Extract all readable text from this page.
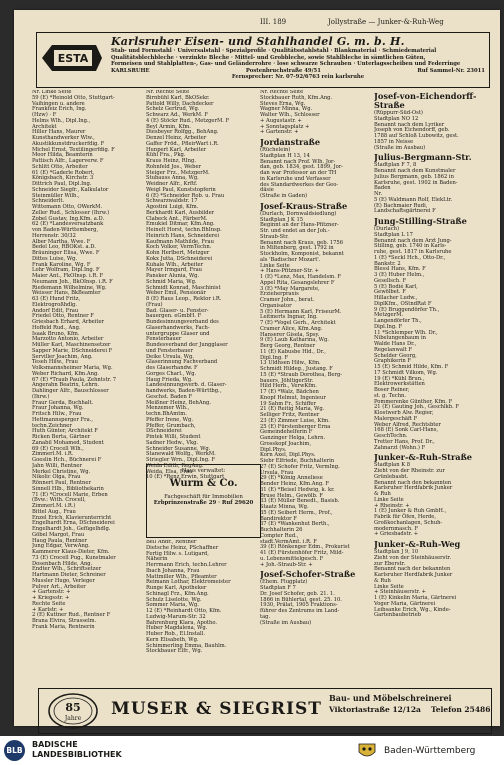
III. 189	Jollystraße — Junker-&-Ruh-Weg
ESTA
Karlsruher Eisen- und Stahlhandel G. m. b. H.
Stab- und Formstahl · Universalstahl · Spezialprofile · Qualitätsstahlstahl · Blankmaterial · Schmiedematerial
Qualitätsblechbleche · verzinkte Bleche · Mittel- und Grobbleche, sowie Stahlbleche in sämtlichen Güten,
Formeisen und Stahlplatten-, Gas- und Geländerrohre · lose schwarze Schrauben · Unterlagsscheiben und Federringe
KARLSRUHE	Postenbruchstraße 49/51	Ruf Sammel-Nr. 23011
Fernsprecher: Nr. 07-92/6763 rein karlsruhe
Nr. Linke Seite
59 (E) *Reinold Otto, Stuttgart-
Vaihingen u. andere
Frankfeiz Erich, Ing.
(Hzw) · F
Helms Wlh., Dipl.Ing.,
Architekt
Hiller Hans, Maurer
Kunsthandwerker Wlw.,
Akustikkunstdruckerfdig. F
Michel Ernst, Textilingerfdig. F
Moor Hilda, Beamterin
Pattisch Alfr., Lagerverw. F
Schlitt Otto, Arbeiter
61 (E) *Gaderle Robert,
Königsbach, Kirchstr. 3
Dittrich Paul, Dipl.Ing.
Schneider Siegfr., Kalkulator
Steinmüller Wilh.,
Schneiderlt.
Wittemann Otto, OWerkM.
Zeller Rud., Schlosser (Ihrw.)
Zobel Gustav, Ing.Kfm. a.D.
62 (E) *Landesversatzbank
von Baden-Württemberg,
Herrenstr. 30/32
Alber Martha, Wwe. F
Bedel Leo, RBOKst. a.D.
Bräuninger Elisa, Wwe. F
Dittes Luise, Wg.
Frank Karoline, Wg. F
Lohr Wolfram, Dipl.Ing. F
Maier Ant., FkOInsp. i.R. F
Neumann Joh., BkOInsp. i.R. F
Riedemann Wilhelmine, Wg.
Weisser Hans, BkBeamter
63 (E) Hund Fritz,
Elektrogroßhdlg.
Andorf Edit, Frau
Friedel Otto, Rentner F
Griesbach Erhard, Arbeiter
Hoffeld Rud., Ang.
Isaak Bruno, Kfm.
Marzotto Antonio, Arbeiter
Müller Karl, Maschinensetzer
Sapper Marie, DSchneiderei F
Serviller Joachim, Ang.
Teseh Hilw., Frau
Volksmannsheimer Maria, Wg.
Weber Richard, Kfm.Ang.
67 (E) *Traub Paula, Zehntstr. 7
Angerahn Beatrix, Lehrn.
Dahlinger Alfr., Bauschlosser
(Ihrw.)
Fraur Gerda, Buchhalt.
Fraur Johanna, Wg.
Fritsch Hilw., Frau
Hettmannsperger Fra.,
techn.Zeichner
Huth Günter, Architekt F
Ricken Berta, Gärtner
Zanabil Mohamed, Student
69 (E) Crocell Wlh.,
Zimmerl.M. i.R.
Goeslin Hch., Büchnerei F
Jahn Willi, Rentner
Merkel Christine, Wg.
Nikolic Olga, Frau
Rönnert Paul, Rentner
Sinnell Hlb., Bibliothekarin
71 (E) *Crocell Marie, Erben
(Bvw.: With. Crocell,
Zimmerl.M. i.R.)
Bittel Aug., Frau
Enzel Erich, Klavierunterricht
Engelhardt Erna, DSchneiderei
Engelhardt Joh., Gefügelhdlg.
Göbel Margot, Frau
Haug Paula, Rentner
Jung Edgar, VerwAng.
Kammerer Klaus-Dieter, Kfm.
73 (E) Crocell Pug., Kunstmaler
Dosenbach Hilde, Ang.
Endter Wlh., Schriftsetzer
Hartmann Dieter, Schreiner
Mussler Hugo, Verleger
Pulver Art., Arbeiter
+ Gartenstr. +
+ Kriegsstr. +
Rechte Seite
+ Karlstr. +
2 (E) Kuttner Rud., Rentner F
Brana Elvira, Strasselm.
Frank Maria, Rentnerin
Nr. Rechte Seite
Birnbühl Karl, BkOSekr.
Pattold Willy, Dachdecker
Schelz Gertrud, Wg.
Schwarz Ad., WerkM. F
4 (E) Stöckr Rud., MetzgerM. F
Beyl Armin, Kfm.
Diesbeyer Rolfgg., BehAng.
Denzel Heinz, Arbeiter
Gaffer Fröd., PfleirWart i.R.
Hunpert Karl, Arbeiter
Kühl Fra., Pkg.
Kraus Heinz, RIng.
Rohnfeld Jos., Weber
Steiger Frz., MetzgerM.
Stubauss Anna, Wg.
Weidner Alfr., Krftf.
Weigl Paul, Kunststopferin
6 (E) *Schneider Rob. u. Frau
Schwarzwaldstr. 17
Agostini Luigi, Kfm.
Berkhardt Karl, Ausbilder
Clabeck Ant., FärberM.
Emukiel Ditmar, Kfm.Ang.
Heinelt Horst, techn.BhInsp.
Heinrich Hans, Schneiderei
Kaufmann Mathilde, Frau
Koch Volker, VermTechn.
Kohn Herlbert, Metzger
Kokx Jutta, DSchneiderei
Kuhale Wlh., Arbeiter
Mayer Irmgard, Frau
Pansker Alunia, Wg.
Schmid Maria, Wg.
Schmidt Konrad, Maschinist
Weber Emil, Pensionär
8 (E) Raus Leop., Rektor i.R.
(Frau)
Bad. Glaser- u. Fenster-
bauergen. eGmbH. F
Bundesinnungsverband des
Glaserhandwerks, Fach-
untergruppe Glaser und
Fensterbauer
Bundesverband der Jungglaser
und Fensterbauer
Deike Ursula, Wg.
Glaserinnung Fachverband
des Glaserhandw. F
Gorges Charl., Wg.
Haug Frieda, Wg.
Landesinnungsverb. d. Glaser-
handwerks, Baden-Württbg.,
Geschst. Baden F
Meißner Heinz, BehAng.
Menzemer Wlh.,
techn.BhAmtm.
Pfeffer Irene, Wg.
Pfeffer, Grumbach,
DSchneiderei
Pintek Willi, Student
Sadner Hedw., Vkg.
Schneider Susanne, Wg.
Stanewald Wolfg., WerkM.
Striegler Wrn., Dipl.Ing. F
Weida Edith, RegAng.
Weida, Elsa, Frau
10 (E) *Renz Erwin, Stuttgart
Nr. Rechte Seite
Stockbauer Ruth, Kfm.Ang.
Steves Erna, Wg.
Wagner Minna, Wg.
Walter Wlh., Schlosser
+ Augustastr. +
+ Sonntagsplatz +
+ Gartenstr. +
Jordanstraße
(Rüchelein)
Stadtplan H 13, 14
Benannt nach Prof. Wlh. Jor-
dan, geb. 1834, gest. 1899, Jor-
dan war Professor an der TH
in Karlsruhe und Verfasser
des Standardwerkes der Geo-
däsie
(Straße in Gaden)
Josef-Kraus-Straße
(Durlach, Dornwaldsiedlung)
Stadtplan J K 15
Beginnt an der Hans-Pfitzner-
Str. und endet an der Joh.-
Straub-Str.
Benannt nach Kraus, geb. 1756
in Miltenberg, gest. 1792 in
Stockholm, Komponist, bekannt
als 'Badischer Mozart'.
Linke Seite
+ Hans-Pfitzner-Str. +
1 (E) *Lenz, Max, Handelsm. F
Appel Rita, Gesangslehrer F
3 (E) *May Margarete,
Erzieherpraxis
Cramer John., berat.
Organisator
5 (E) Hermann Karl, FriseurM.
Leitmerts Ingnar, Ing.
7 (E) *Vogel Gerh., Architekt
Cramer Alice, Kfm.Ang.
Hanserer Gisela, Spsy.
9 (E) Laub Katharina, Wg.
Berg Georg, Rentner
11 (E) Kabusbe Hld., Dr.,
Dipl.Ing. F
13 Uldhsen Hilw., Kfm.
Schmidt Hildeg., Justang. F
15 (E) *Straub Dorothea, Berg-
bauers, JöhltigerStr.
Hild Herb., VerwKfm.
17 (E) *Walz, Bädchen
Knopf Helmut, Ingenieur
19 Sahm Fr., Schiffer
21 (E) Reitig Maria, Wg.
Selliger Fritz, Rentner
23 (E) Zimmer Luise, Kfm.
25 (E) Fürstenberger Erna
Gemeindehelferin F
Ganzinger Helga, Lehrn.
Grosskopf Joachim,
Dipl.Phys.
Korn Axel, Dipl.Phys.
Siebr Elfriede, Buchhalterin
27 (E) Schofer Fritz, VermIng.
Ursula, Frau
29 (E) *König Anneliese
Bender Heinz, Kfm.Ang. F
31 (E) *Beisel Hedwig, k. kr.
Bruse Helm., Gewölb. F
33 (E) Müller Benedt., Basisb.
Staatz Minna, Wg.
35 (E) Seibert Herm., Prof.,
Bandirektor F
37 (E) *Wankenhut Berth.,
Buchhalterin 26
Compter Rud.,
stadt.VermAmt. i.R. F
39 (E) Rönkenger Edm., Prokurist
41 (E) Fürstenhöfer Fritz, Mild-
u. Lebensmittelgesch. F
+ Joh.-Straub-Str. +
Josef-Schofer-Straße
(Ehem. Flugplatz)
Stadtplan F 7
Dr. Josef Schofer, geb. 21. 1.
1866 in Bühlertal, gest. 25. 10.
1930, Prälat, 1905 Fraktions-
führer des Zentrums im Land-
tag.
(Straße im Ausbau)
Josef-von-Eichendorff-Straße
(Rüppurr-Süd-Ost)
Stadtplan NO 12
Benannt nach dem Lyriker
Joseph von Eichendorff, geb.
1788 auf Schloß Lubowitz, gest.
1857 in Neisse
(Straße im Ausbau)
Julius-Bergmann-Str.
Stadtplan F 7, 8
Benannt nach dem Kunstmaler
Julius Bergmann, geb. 1862 in
Karlsruhe, gest. 1902 in Baden-
Baden
Nr.
5 (E) Waldmann Rolf, ElekLtr.
(E) Bachmaier Rudi,
Landschaftsgärtnerei F
Jung-Stilling-Straße
(Durlach)
Stadtplan L 17
Benannt nach dem Arzt Jung-
Stilling, geb. 1740 in Karls-
ruhe, gest. 1817 in Karlsruhe
1 (E) *Seckl Hch., Otto-Dr.,
Bankstr. 2
Blessl Hans, Kfm. F
3 (E) Huber Helm.,
Gesellsch. F
5 (E) Bodié Karl,
Gewölbet. F
Hillacher Ludw.,
DiplKfm., OStndRat F
9 (E) Bruggendörfer Th.,
MetzgerM.
Langendörfer Th.,
Dipl.Ing. F
11 *Schlemper Wlh. Dr.,
Nibelungenbaum in
Walde Hans Dr.,
Regelanwalt F
Schelder Georg,
Graphikerin F
15 (E) Schmid Hilde, Kfm. F
17 Schmidt Vilkom, Wg.
19 (E) *Kühl Brun.,
Elektrowerkstätten
Boser Reiner,
st. g. Techn.
Pommerenke Günther, Kfm. F
21 (E) Gauting Joh., Geschlkb. F
Klostwerb Alw. Regier,
Malergeschäft F
Weber Alfred, Rechtsbter
168 (E) Sonk Carl-Hans,
GeschTechn.
Tretter Hans, Prof. Dr.,
Zahnarzt (Wohn.) F
Junker-&-Ruh-Straße
Stadtplan K 8
Zieht von der Rheinstr. zur
Grünlebasbt.
Benannt nach den bekannten
Karlsruher Herdfabrik Junker
& Ruh
Linke Seite
+ Rheinstr. +
1 (E) Junker & Ruh GmbH.,
Fabrik für Öfen, Herde,
Großkochanlagen, Schuh-
modernmasch. F
+ Griesbadstr. +
Junker-&-Ruh-Weg
Stadtplan J 9, 10
Zieht von der Steinhäuserstr.
zur Eberstr.
Benannt nach der bekannten
Karlsruher Herdfabrik Junker
& Ruh
Linke Seite
+ Steinhäuserstr. +
1 (E) Kinkelin Maria, Gärtnerei
Voger Maria, Gärtnerei
Leibsanke Erich, Wg., Kinde-
Gartenbaubetrieb
Haus verwaltet:
Wurm & Co.
Fachgeschäft für Immobilien
Erbprinzenstraße 29 · Ruf 29620
Bell Andr., Rentner
Dietsche Heinz, PSchaffner
Fertig Hilw. s. Lutigard,
Näherin
Herrmann Erich, techn.Lehrer
Ibach Johanna, Frau
Mattmiller Wlh., Pfleamter
Reimann Lothar, Elektromeister
Runge Karl, Apotheker
Schinagl Frz., Kfm.Ang.
Schulz Liselotte, Wg.
Sommer Maria, Wg.
12 (E) *Reinhardt Otto, Kfm.
Ludwig-Marum-Str. 32
Bahrenburg Klara, Apotho.
Huber Magdalena, Wg.
Huber Rob., El.Install.
Kern Elisabeth, Wg.
Schimmerling Emma, Bauhlm.
Stockbauer Elfr., Wg.
85
Jahre MUSER & SIEGRIST
Bau- und Möbelschreinerei
Viktoriastraße 12/12a Telefon 25486
BLB
BADISCHE
LANDESBIBLIOTHEK	Baden-Württemberg
